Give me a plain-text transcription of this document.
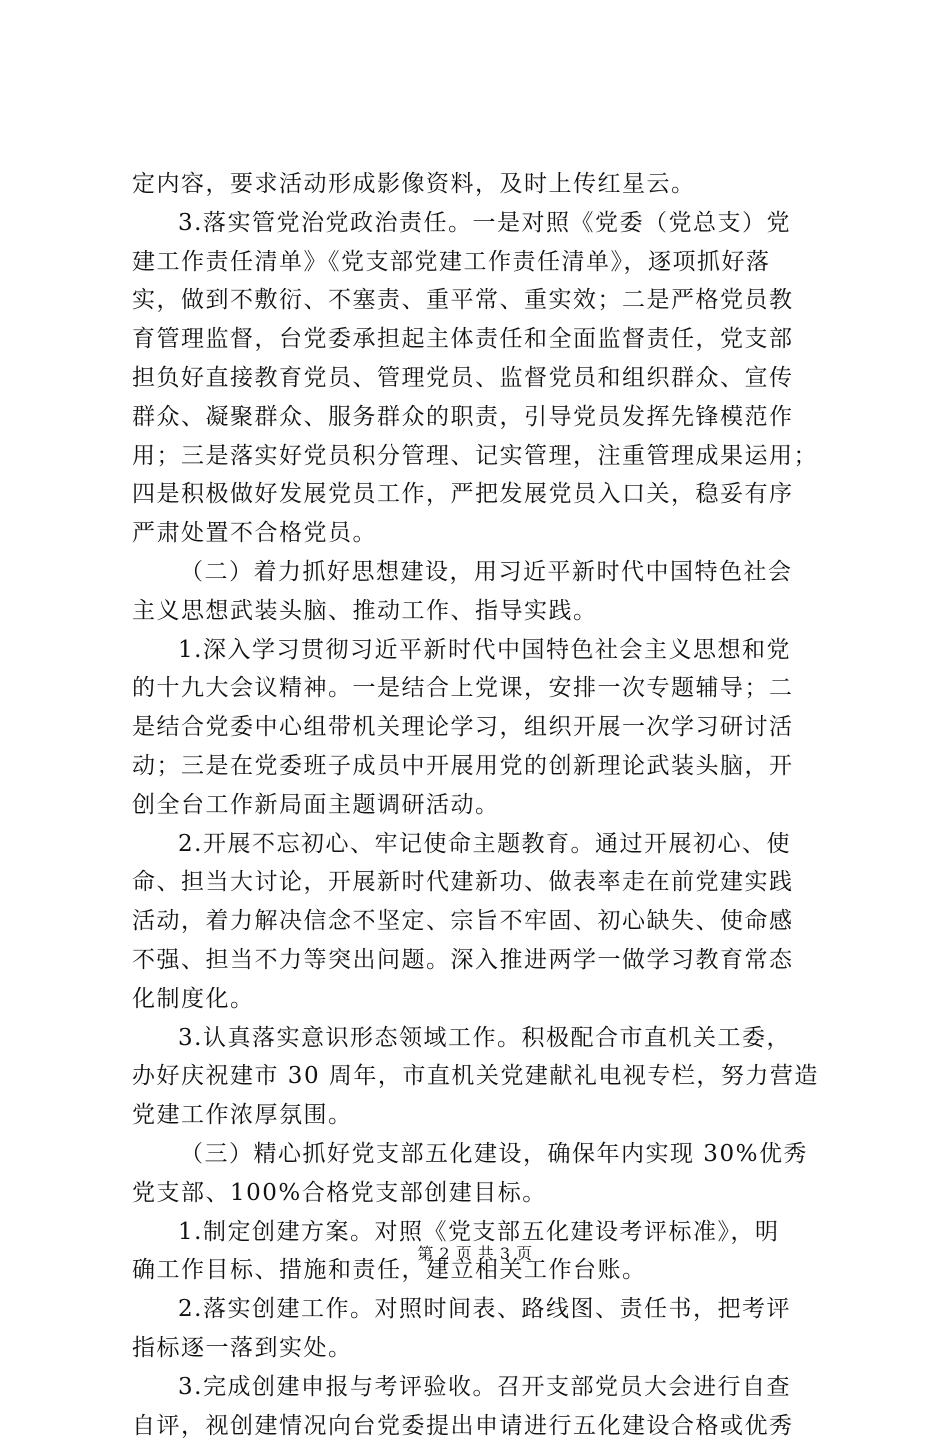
定内容，要求活动形成影像资料，及时上传红星云。
3.落实管党治党政治责任。一是对照《党委（党总支）党
建工作责任清单》《党支部党建工作责任清单》，逐项抓好落
实，做到不敷衍、不塞责、重平常、重实效；二是严格党员教
育管理监督，台党委承担起主体责任和全面监督责任，党支部
担负好直接教育党员、管理党员、监督党员和组织群众、宣传
群众、凝聚群众、服务群众的职责，引导党员发挥先锋模范作
用；三是落实好党员积分管理、记实管理，注重管理成果运用；
四是积极做好发展党员工作，严把发展党员入口关，稳妥有序
严肃处置不合格党员。
（二）着力抓好思想建设，用习近平新时代中国特色社会
主义思想武装头脑、推动工作、指导实践。
1.深入学习贯彻习近平新时代中国特色社会主义思想和党
的十九大会议精神。一是结合上党课，安排一次专题辅导；二
是结合党委中心组带机关理论学习，组织开展一次学习研讨活
动；三是在党委班子成员中开展用党的创新理论武装头脑，开
创全台工作新局面主题调研活动。
2.开展不忘初心、牢记使命主题教育。通过开展初心、使
命、担当大讨论，开展新时代建新功、做表率走在前党建实践
活动，着力解决信念不坚定、宗旨不牢固、初心缺失、使命感
不强、担当不力等突出问题。深入推进两学一做学习教育常态
化制度化。
3.认真落实意识形态领域工作。积极配合市直机关工委，
办好庆祝建市 30 周年，市直机关党建献礼电视专栏，努力营造
党建工作浓厚氛围。
（三）精心抓好党支部五化建设，确保年内实现 30%优秀
党支部、100%合格党支部创建目标。
1.制定创建方案。对照《党支部五化建设考评标准》，明
确工作目标、措施和责任，建立相关工作台账。
2.落实创建工作。对照时间表、路线图、责任书，把考评
指标逐一落到实处。
3.完成创建申报与考评验收。召开支部党员大会进行自查
自评，视创建情况向台党委提出申请进行五化建设合格或优秀
第 2 页 共 3 页
